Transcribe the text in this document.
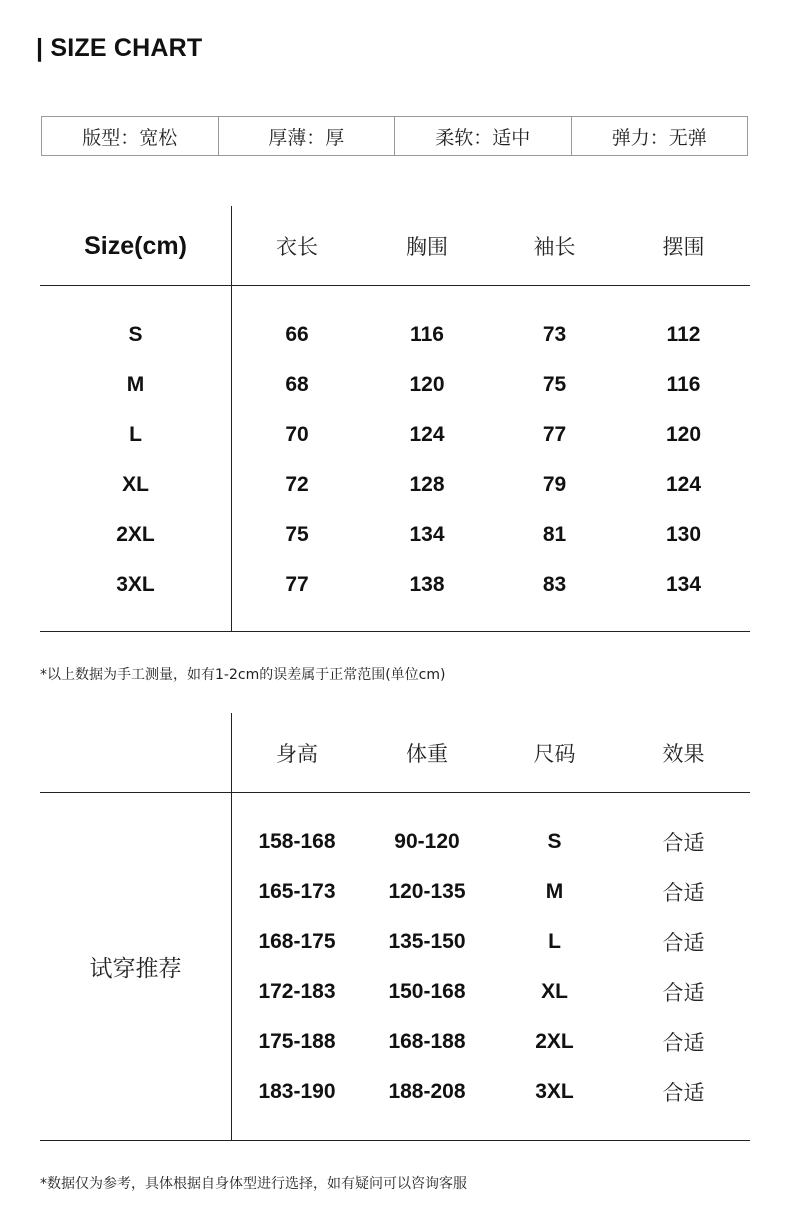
| SIZE CHART
版型：宽松	厚薄：厚	柔软：适中	弹力：无弹
Size(cm)	衣长	胸围	袖长	摆围
S	66	116	73	112
M	68	120	75	116
L	70	124	77	120
XL	72	128	79	124
2XL	75	134	81	130
3XL	77	138	83	134
*以上数据为手工测量，如有1-2cm的误差属于正常范围(单位cm)
身高	体重	尺码	效果
试穿推荐
158-168	90-120	S	合适
165-173	120-135	M	合适
168-175	135-150	L	合适
172-183	150-168	XL	合适
175-188	168-188	2XL	合适
183-190	188-208	3XL	合适
*数据仅为参考，具体根据自身体型进行选择，如有疑问可以咨询客服
